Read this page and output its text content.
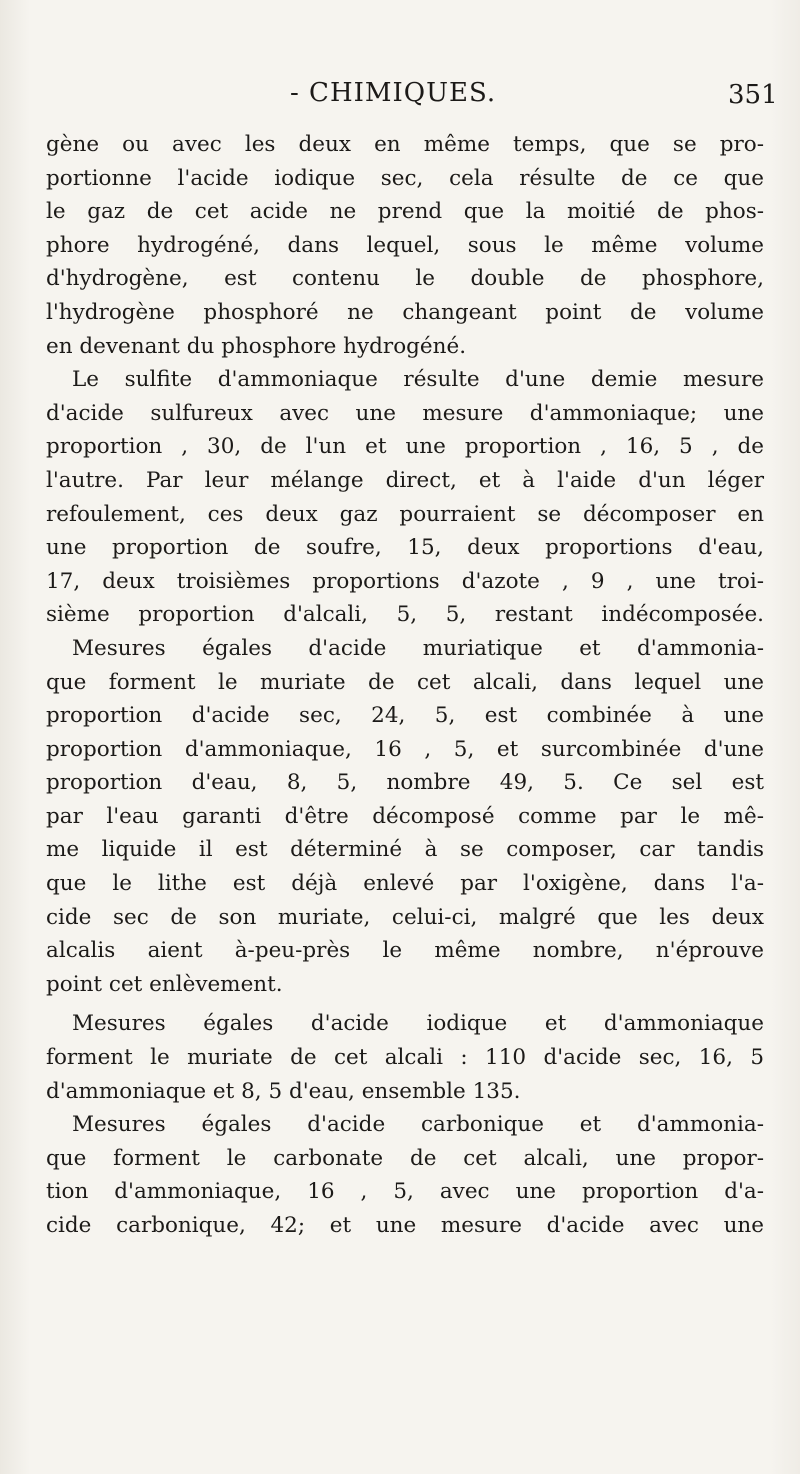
- CHIMIQUES.	351
gène ou avec les deux en même temps, que se pro-
portionne l'acide iodique sec, cela résulte de ce que
le gaz de cet acide ne prend que la moitié de phos-
phore hydrogéné, dans lequel, sous le même volume
d'hydrogène, est contenu le double de phosphore,
l'hydrogène phosphoré ne changeant point de volume
en devenant du phosphore hydrogéné.
Le sulfite d'ammoniaque résulte d'une demie mesure
d'acide sulfureux avec une mesure d'ammoniaque; une
proportion , 30, de l'un et une proportion , 16, 5 , de
l'autre. Par leur mélange direct, et à l'aide d'un léger
refoulement, ces deux gaz pourraient se décomposer en
une proportion de soufre, 15, deux proportions d'eau,
17, deux troisièmes proportions d'azote , 9 , une troi-
sième proportion d'alcali, 5, 5, restant indécomposée.
Mesures égales d'acide muriatique et d'ammonia-
que forment le muriate de cet alcali, dans lequel une
proportion d'acide sec, 24, 5, est combinée à une
proportion d'ammoniaque, 16 , 5, et surcombinée d'une
proportion d'eau, 8, 5, nombre 49, 5. Ce sel est
par l'eau garanti d'être décomposé comme par le mê-
me liquide il est déterminé à se composer, car tandis
que le lithe est déjà enlevé par l'oxigène, dans l'a-
cide sec de son muriate, celui-ci, malgré que les deux
alcalis aient à-peu-près le même nombre, n'éprouve
point cet enlèvement.
Mesures égales d'acide iodique et d'ammoniaque
forment le muriate de cet alcali : 110 d'acide sec, 16, 5
d'ammoniaque et 8, 5 d'eau, ensemble 135.
Mesures égales d'acide carbonique et d'ammonia-
que forment le carbonate de cet alcali, une propor-
tion d'ammoniaque, 16 , 5, avec une proportion d'a-
cide carbonique, 42; et une mesure d'acide avec une
